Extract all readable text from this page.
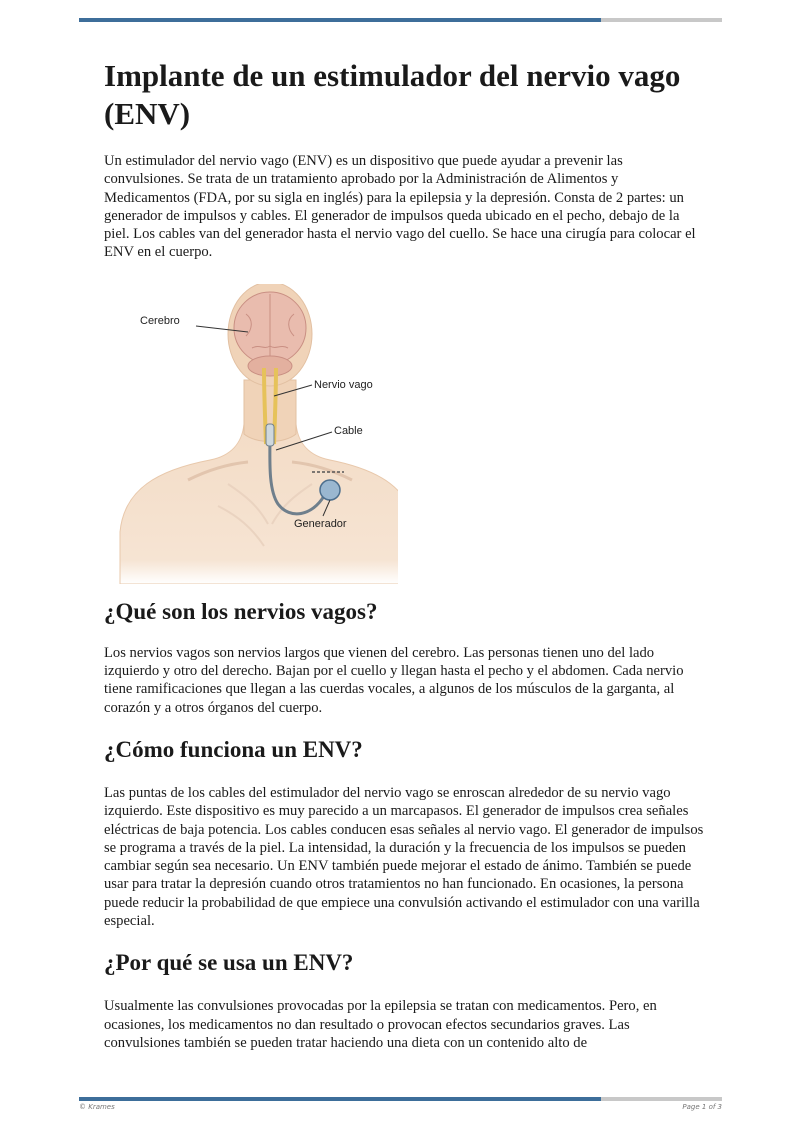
Implante de un estimulador del nervio vago (ENV)

Un estimulador del nervio vago (ENV) es un dispositivo que puede ayudar a prevenir las convulsiones. Se trata de un tratamiento aprobado por la Administración de Alimentos y Medicamentos (FDA, por su sigla en inglés) para la epilepsia y la depresión. Consta de 2 partes: un generador de impulsos y cables. El generador de impulsos queda ubicado en el pecho, debajo de la piel. Los cables van del generador hasta el nervio vago del cuello. Se hace una cirugía para colocar el ENV en el cuerpo.

Cerebro
Nervio vago
Cable
Generador
¿Qué son los nervios vagos?

Los nervios vagos son nervios largos que vienen del cerebro. Las personas tienen uno del lado izquierdo y otro del derecho. Bajan por el cuello y llegan hasta el pecho y el abdomen. Cada nervio tiene ramificaciones que llegan a las cuerdas vocales, a algunos de los músculos de la garganta, al corazón y a otros órganos del cuerpo.

¿Cómo funciona un ENV?

Las puntas de los cables del estimulador del nervio vago se enroscan alrededor de su nervio vago izquierdo. Este dispositivo es muy parecido a un marcapasos. El generador de impulsos crea señales eléctricas de baja potencia. Los cables conducen esas señales al nervio vago. El generador de impulsos se programa a través de la piel. La intensidad, la duración y la frecuencia de los impulsos se pueden cambiar según sea necesario. Un ENV también puede mejorar el estado de ánimo. También se puede usar para tratar la depresión cuando otros tratamientos no han funcionado. En ocasiones, la persona puede reducir la probabilidad de que empiece una convulsión activando el estimulador con una varilla especial.

¿Por qué se usa un ENV?

Usualmente las convulsiones provocadas por la epilepsia se tratan con medicamentos. Pero, en ocasiones, los medicamentos no dan resultado o provocan efectos secundarios graves. Las convulsiones también se pueden tratar haciendo una dieta con un contenido alto de

© Krames	Page 1 of 3
